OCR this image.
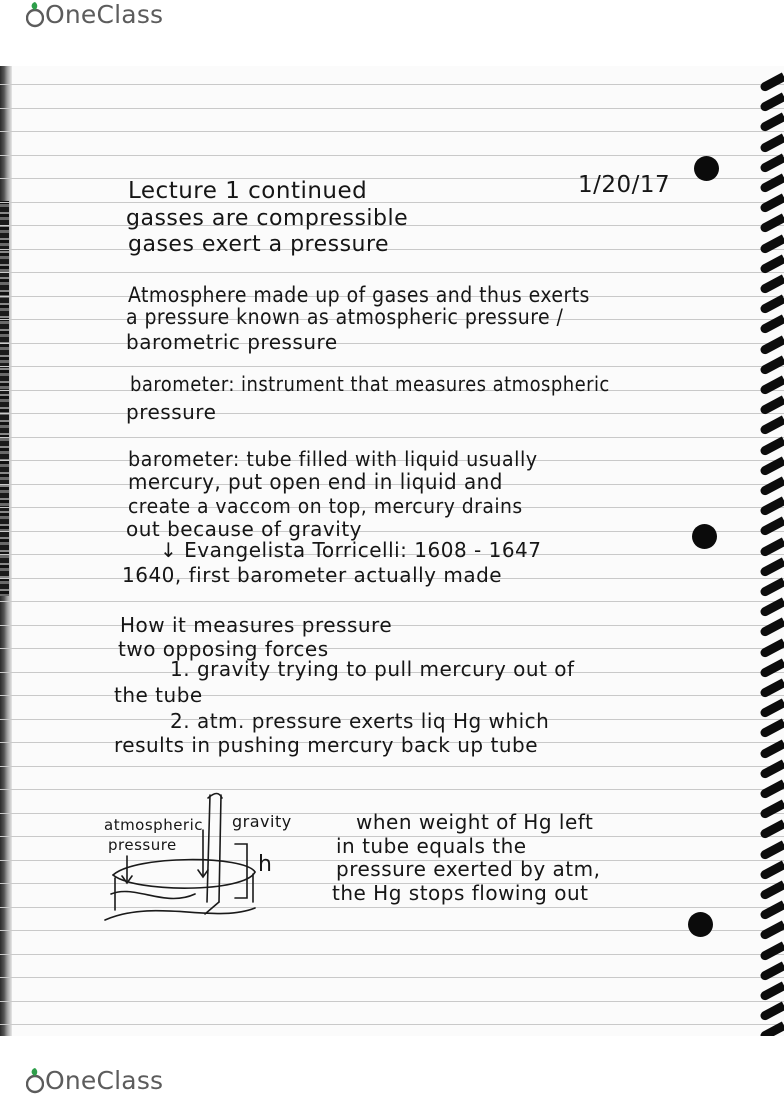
OneClass
Lecture 1 continued	1/20/17
gasses are compressible
gases exert a pressure
Atmosphere made up of gases and thus exerts
a pressure known as atmospheric pressure /
barometric pressure
barometer: instrument that measures atmospheric
pressure
barometer: tube filled with liquid usually
mercury, put open end in liquid and
create a vaccom on top, mercury drains
out because of gravity
↓ Evangelista Torricelli: 1608 - 1647
1640, first barometer actually made
How it measures pressure
two opposing forces
1. gravity trying to pull mercury out of
the tube
2. atm. pressure exerts liq Hg which
results in pushing mercury back up tube
atmospheric
pressure
gravity
h
when weight of Hg left
in tube equals the
pressure exerted by atm,
the Hg stops flowing out
OneClass
